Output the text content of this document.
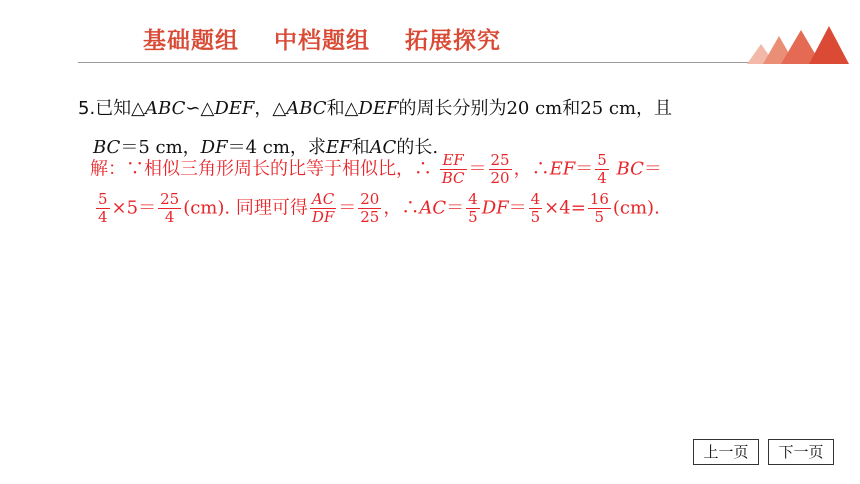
基础题组 中档题组 拓展探究
5.已知△ABC∽△DEF，△ABC和△DEF的周长分别为20 cm和25 cm，且
BC＝5 cm，DF＝4 cm，求EF和AC的长.
解：∵相似三角形周长的比等于相似比，∴ $\frac{EF}{BC} = \frac{25}{20}$ ，∴EF＝ $\frac{5}{4} BC=$
$\frac{5}{4} \times 5= \frac{25}{4} (cm)$. 同理可得 $\frac{AC}{DF} = \frac{20}{25}$ ，∴AC＝ $\frac{4}{5} DF= \frac{4}{5} \times 4= \frac{16}{5} (cm)$.
上一页	下一页
